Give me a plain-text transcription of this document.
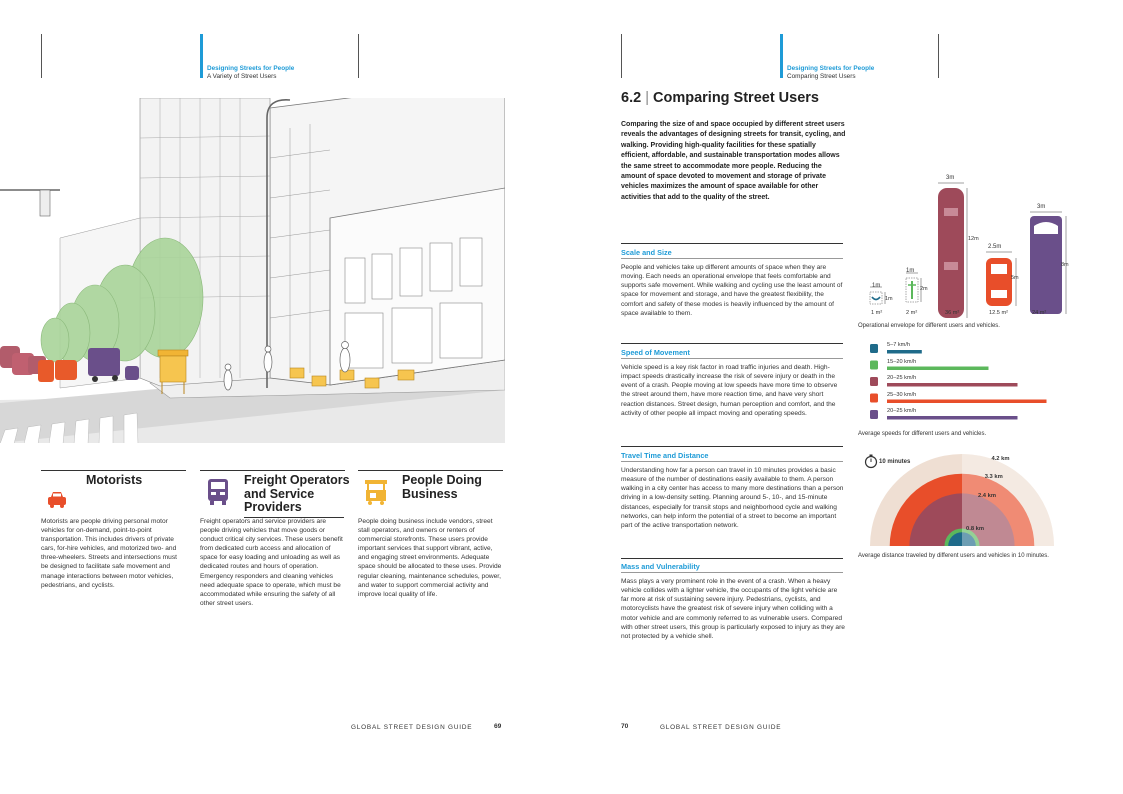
Designing Streets for People
A Variety of Street Users
Designing Streets for People
Comparing Street Users
Motorists
Motorists are people driving personal motor vehicles for on-demand, point-to-point transportation. This includes drivers of private cars, for-hire vehicles, and motorized two- and three-wheelers. Streets and intersections must be designed to facilitate safe movement and manage interactions between motor vehicles, pedestrians, and cyclists.
Freight Operators and Service Providers
Freight operators and service providers are people driving vehicles that move goods or conduct critical city services. These users benefit from dedicated curb access and allocation of space for easy loading and unloading as well as dedicated routes and hours of operation. Emergency responders and cleaning vehicles need adequate space to operate, which must be accommodated while ensuring the safety of all other street users.
People Doing Business
People doing business include vendors, street stall operators, and owners or renters of commercial storefronts. These users provide important services that support vibrant, active, and engaging street environments. Adequate space should be allocated to these uses. Provide regular cleaning, maintenance schedules, power, and water to support commercial activity and improve local quality of life.
GLOBAL STREET DESIGN GUIDE	69
6.2 | Comparing Street Users
Comparing the size of and space occupied by different street users reveals the advantages of designing streets for transit, cycling, and walking. Providing high-quality facilities for these spatially efficient, affordable, and sustainable transportation modes allows the same street to accommodate more people. Reducing the amount of space devoted to movement and storage of private vehicles maximizes the amount of space available for other activities that add to the quality of the street.
Scale and Size
People and vehicles take up different amounts of space when they are moving. Each needs an operational envelope that feels comfortable and supports safe movement. While walking and cycling use the least amount of space for movement and storage, and have the greatest flexibility, the comfort and safety of these modes is heavily influenced by the amount of space available to them.
Speed of Movement
Vehicle speed is a key risk factor in road traffic injuries and death. High-impact speeds drastically increase the risk of severe injury or death in the event of a crash. People moving at low speeds have more time to observe the street around them, have more reaction time, and have very short reaction distances. Street design, human perception and comfort, and the activity of other people all impact moving and operating speeds.
Travel Time and Distance
Understanding how far a person can travel in 10 minutes provides a basic measure of the number of destinations easily available to them. A person walking in a city center has access to many more destinations than a person driving in a low-density setting. Planning around 5-, 10-, and 15-minute distances, especially for transit stops and neighborhood cycle and walking networks, can help inform the potential of a street to become an important part of the active transportation network.
Mass and Vulnerability
Mass plays a very prominent role in the event of a crash. When a heavy vehicle collides with a lighter vehicle, the occupants of the light vehicle are far more at risk of sustaining severe injury. Pedestrians, cyclists, and motorcyclists have the greatest risk of severe injury when colliding with a motor vehicle and are commonly referred to as vulnerable users. Compared with other street users, this group is particularly exposed to injury as they are not protected by a vehicle shell.
1m
1m
3m
2.5m
3m
1m
2m
12m
5m
8m
1 m²	2 m²	36 m²	12.5 m²	24 m²
Operational envelope for different users and vehicles.
5–7 km/h
15–20 km/h
20–25 km/h
25–30 km/h
20–25 km/h
Average speeds for different users and vehicles.
10 minutes
4.2 km
3.3 km
2.4 km
0.8 km
Average distance traveled by different users and vehicles in 10 minutes.
70	GLOBAL STREET DESIGN GUIDE
